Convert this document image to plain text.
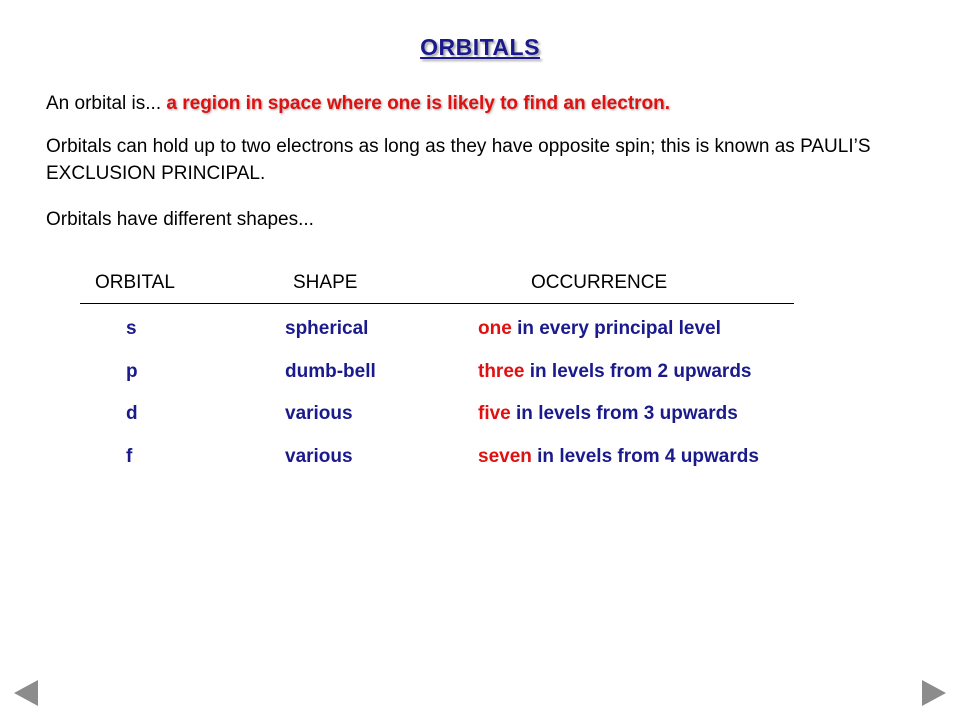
ORBITALS
An orbital is... a region in space where one is likely to find an electron.
Orbitals can hold up to two electrons as long as they have opposite spin; this is known as PAULI’S EXCLUSION PRINCIPAL.
Orbitals have different shapes...
ORBITAL	SHAPE	OCCURRENCE
s	spherical	one in every principal level
p	dumb-bell	three in levels from 2 upwards
d	various	five in levels from 3 upwards
f	various	seven in levels from 4 upwards
